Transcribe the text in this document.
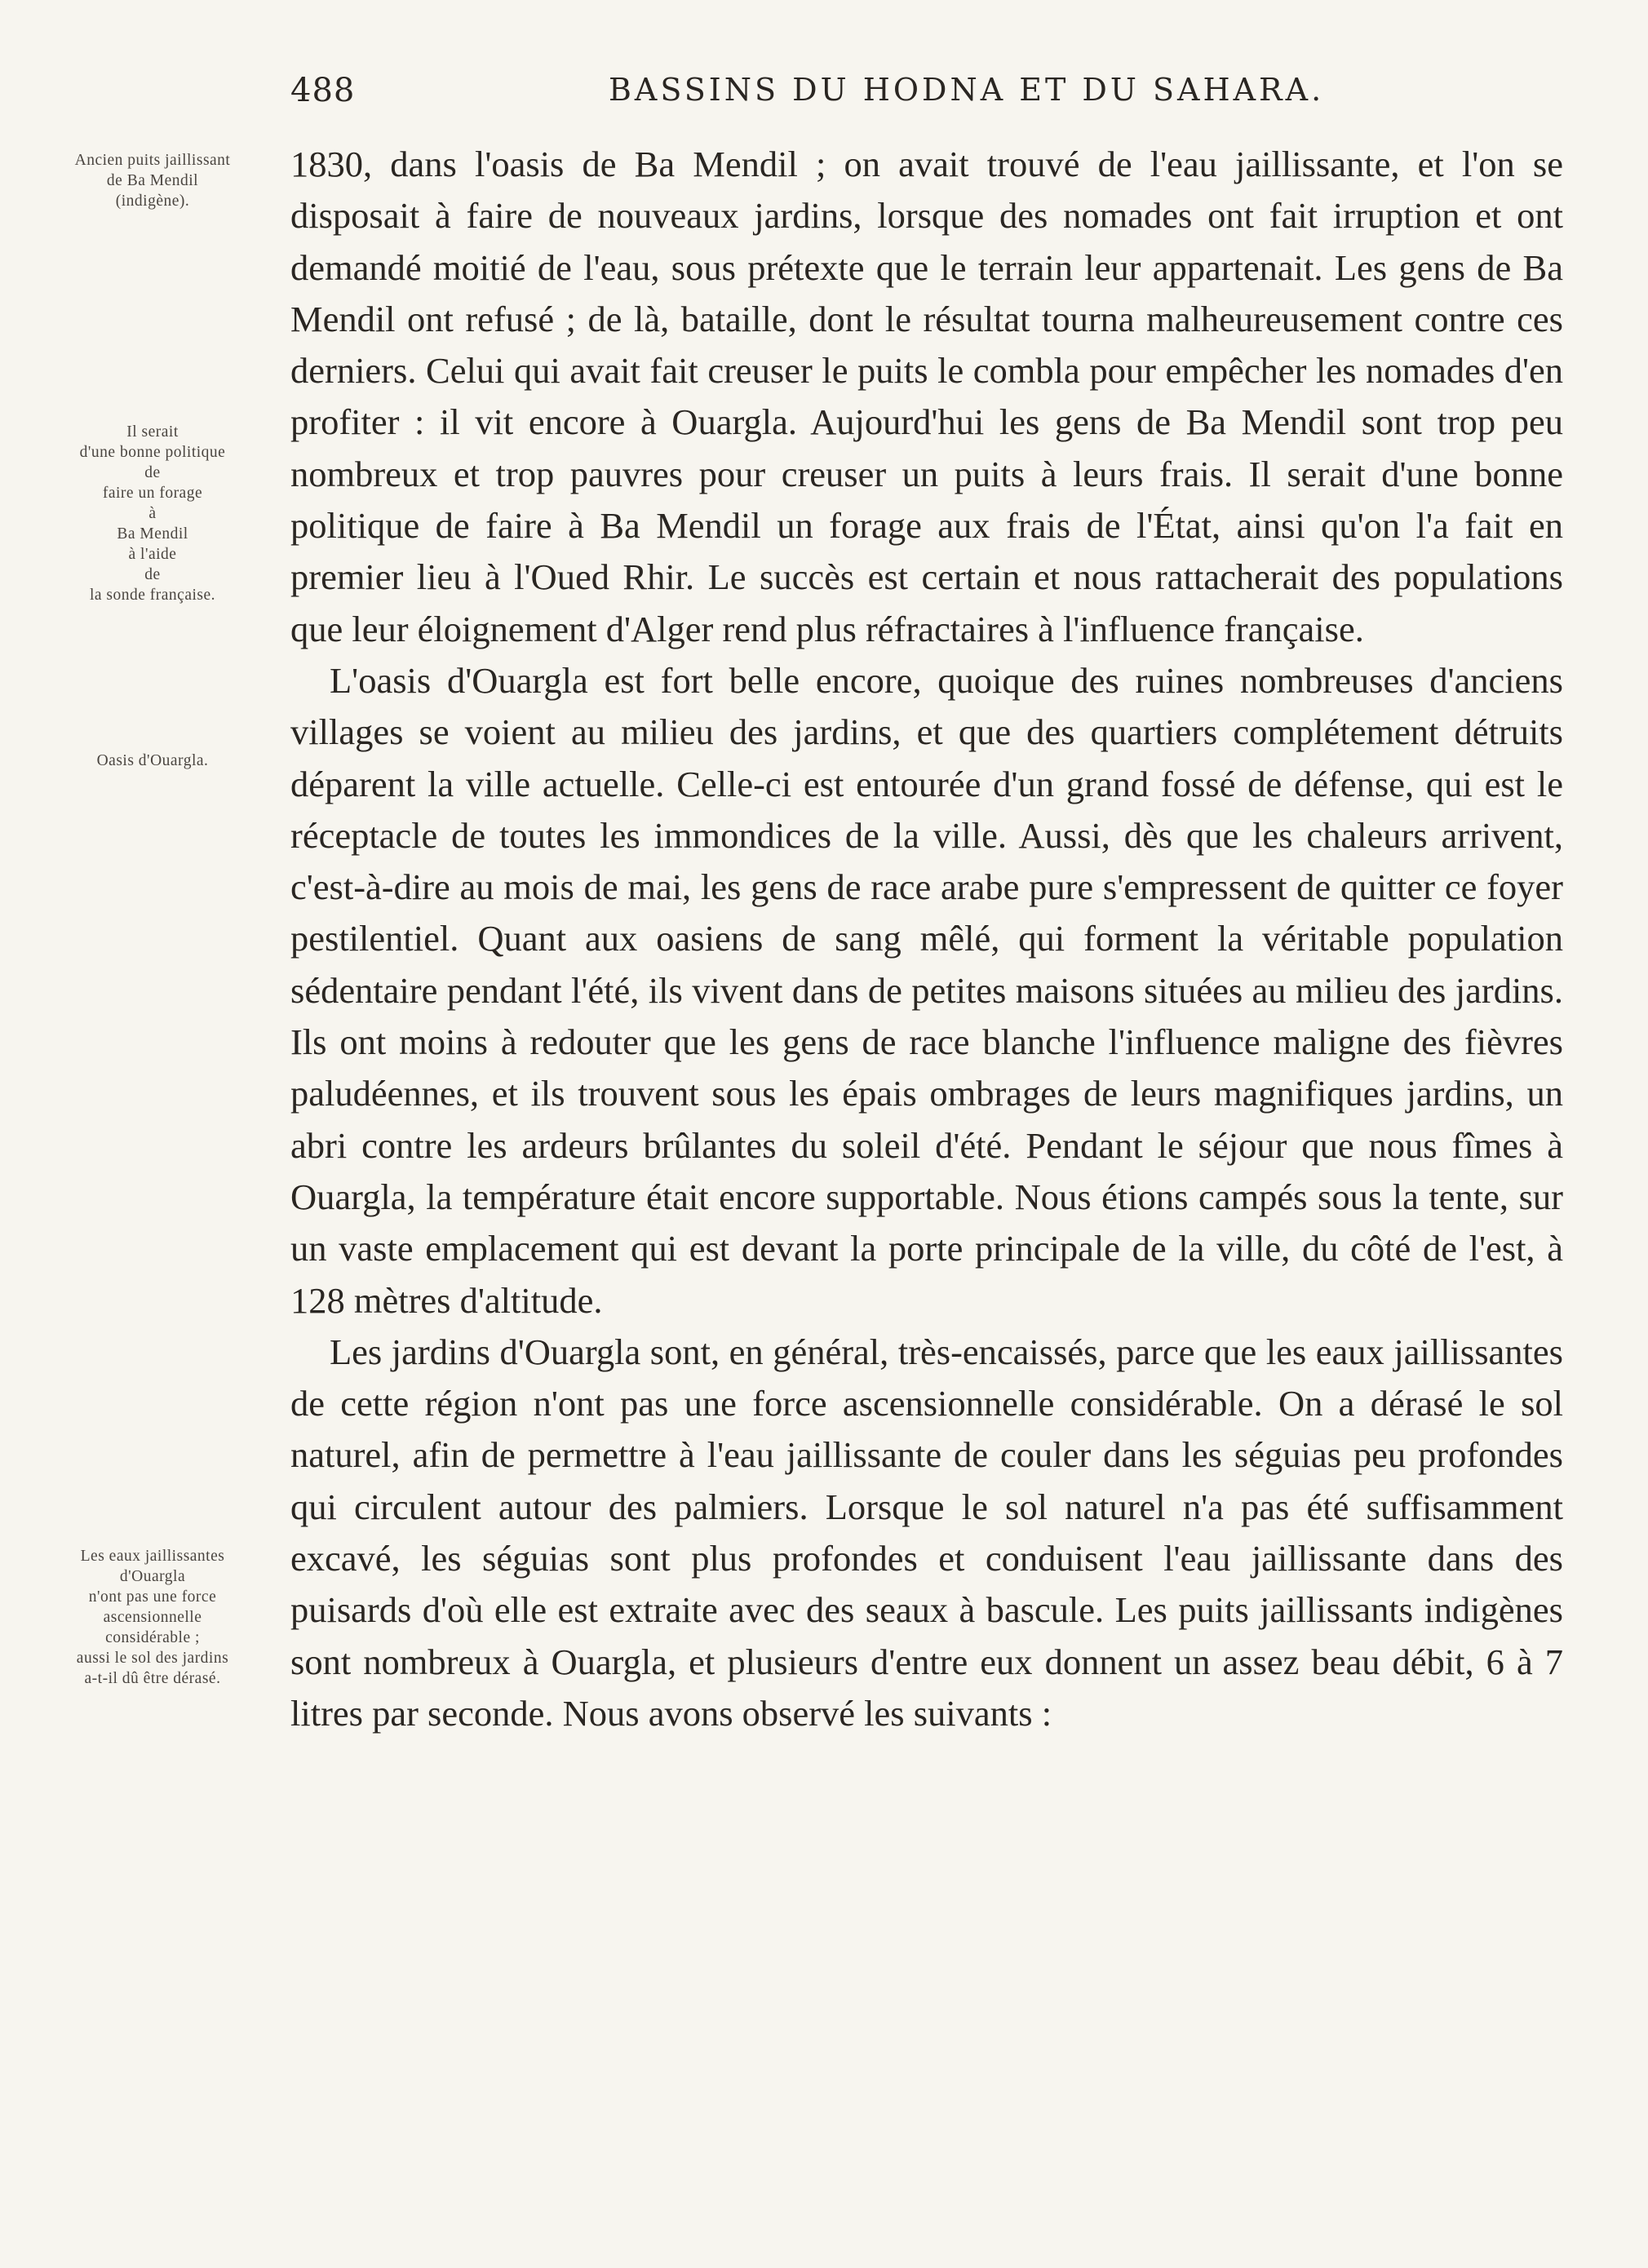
488	BASSINS DU HODNA ET DU SAHARA.
Ancien puits jaillissant
de Ba Mendil
(indigène).
Il serait
d'une bonne politique
de
faire un forage
à
Ba Mendil
à l'aide
de
la sonde française.
Oasis d'Ouargla.
Les eaux jaillissantes
d'Ouargla
n'ont pas une force
ascensionnelle
considérable ;
aussi le sol des jardins
a-t-il dû être dérasé.

1830, dans l'oasis de Ba Mendil ; on avait trouvé de l'eau jaillissante, et l'on se disposait à faire de nouveaux jardins, lorsque des nomades ont fait irruption et ont demandé moitié de l'eau, sous prétexte que le terrain leur appartenait. Les gens de Ba Mendil ont refusé ; de là, bataille, dont le résultat tourna malheureusement contre ces derniers. Celui qui avait fait creuser le puits le combla pour empêcher les nomades d'en profiter : il vit encore à Ouargla. Aujourd'hui les gens de Ba Mendil sont trop peu nombreux et trop pauvres pour creuser un puits à leurs frais. Il serait d'une bonne politique de faire à Ba Mendil un forage aux frais de l'État, ainsi qu'on l'a fait en premier lieu à l'Oued Rhir. Le succès est certain et nous rattacherait des populations que leur éloignement d'Alger rend plus réfractaires à l'influence française.

L'oasis d'Ouargla est fort belle encore, quoique des ruines nombreuses d'anciens villages se voient au milieu des jardins, et que des quartiers complétement détruits déparent la ville actuelle. Celle-ci est entourée d'un grand fossé de défense, qui est le réceptacle de toutes les immondices de la ville. Aussi, dès que les chaleurs arrivent, c'est-à-dire au mois de mai, les gens de race arabe pure s'empressent de quitter ce foyer pestilentiel. Quant aux oasiens de sang mêlé, qui forment la véritable population sédentaire pendant l'été, ils vivent dans de petites maisons situées au milieu des jardins. Ils ont moins à redouter que les gens de race blanche l'influence maligne des fièvres paludéennes, et ils trouvent sous les épais ombrages de leurs magnifiques jardins, un abri contre les ardeurs brûlantes du soleil d'été. Pendant le séjour que nous fîmes à Ouargla, la température était encore supportable. Nous étions campés sous la tente, sur un vaste emplacement qui est devant la porte principale de la ville, du côté de l'est, à 128 mètres d'altitude.

Les jardins d'Ouargla sont, en général, très-encaissés, parce que les eaux jaillissantes de cette région n'ont pas une force ascensionnelle considérable. On a dérasé le sol naturel, afin de permettre à l'eau jaillissante de couler dans les séguias peu profondes qui circulent autour des palmiers. Lorsque le sol naturel n'a pas été suffisamment excavé, les séguias sont plus profondes et conduisent l'eau jaillissante dans des puisards d'où elle est extraite avec des seaux à bascule. Les puits jaillissants indigènes sont nombreux à Ouargla, et plusieurs d'entre eux donnent un assez beau débit, 6 à 7 litres par seconde. Nous avons observé les suivants :
